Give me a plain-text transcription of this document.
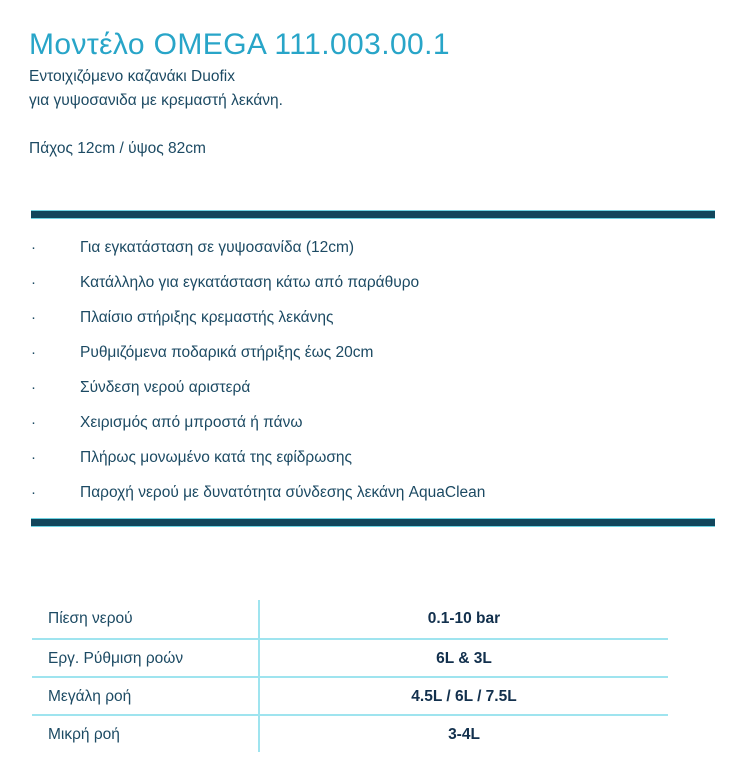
Μοντέλο OMEGA 111.003.00.1
Εντοιχιζόμενο καζανάκι Duofix
για γυψοσανιδα με κρεμαστή λεκάνη.
Πάχος 12cm / ύψος 82cm
·	Για εγκατάσταση σε γυψοσανίδα (12cm)
·	Κατάλληλο για εγκατάσταση κάτω από παράθυρο
·	Πλαίσιο στήριξης κρεμαστής λεκάνης
·	Ρυθμιζόμενα ποδαρικά στήριξης έως 20cm
·	Σύνδεση νερού αριστερά
·	Χειρισμός από μπροστά ή πάνω
·	Πλήρως μονωμένο κατά της εφίδρωσης
·	Παροχή νερού με δυνατότητα σύνδεσης λεκάνη AquaClean
Πίεση νερού	0.1-10 bar
Εργ. Ρύθμιση ροών	6L & 3L
Μεγάλη ροή	4.5L / 6L / 7.5L
Μικρή ροή	3-4L
